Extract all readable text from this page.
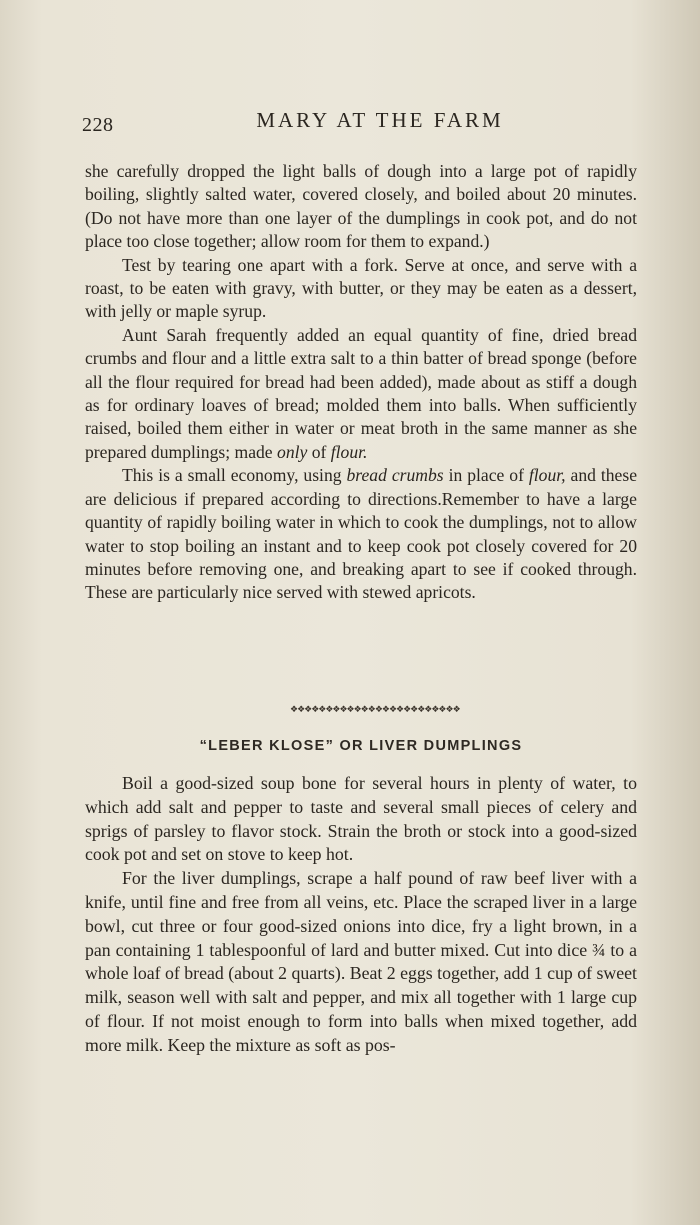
228	MARY AT THE FARM

she carefully dropped the light balls of dough into a large pot of rapidly boiling, slightly salted water, covered closely, and boiled about 20 minutes. (Do not have more than one layer of the dumplings in cook pot, and do not place too close together; allow room for them to expand.)

Test by tearing one apart with a fork. Serve at once, and serve with a roast, to be eaten with gravy, with butter, or they may be eaten as a dessert, with jelly or maple syrup.

Aunt Sarah frequently added an equal quantity of fine, dried bread crumbs and flour and a little extra salt to a thin batter of bread sponge (before all the flour required for bread had been added), made about as stiff a dough as for ordinary loaves of bread; molded them into balls. When sufficiently raised, boiled them either in water or meat broth in the same manner as she prepared dumplings; made only of flour.

This is a small economy, using bread crumbs in place of flour, and these are delicious if prepared according to directions.Remember to have a large quantity of rapidly boiling water in which to cook the dumplings, not to allow water to stop boiling an instant and to keep cook pot closely covered for 20 minutes before removing one, and breaking apart to see if cooked through. These are particularly nice served with stewed apricots.

❖❖❖❖❖❖❖❖❖❖❖❖❖❖❖❖❖❖❖❖❖❖❖❖
“LEBER KLOSE” OR LIVER DUMPLINGS

Boil a good-sized soup bone for several hours in plenty of water, to which add salt and pepper to taste and several small pieces of celery and sprigs of parsley to flavor stock. Strain the broth or stock into a good-sized cook pot and set on stove to keep hot.

For the liver dumplings, scrape a half pound of raw beef liver with a knife, until fine and free from all veins, etc. Place the scraped liver in a large bowl, cut three or four good-sized onions into dice, fry a light brown, in a pan containing 1 tablespoonful of lard and butter mixed. Cut into dice ¾ to a whole loaf of bread (about 2 quarts). Beat 2 eggs together, add 1 cup of sweet milk, season well with salt and pepper, and mix all together with 1 large cup of flour. If not moist enough to form into balls when mixed together, add more milk. Keep the mixture as soft as pos-
